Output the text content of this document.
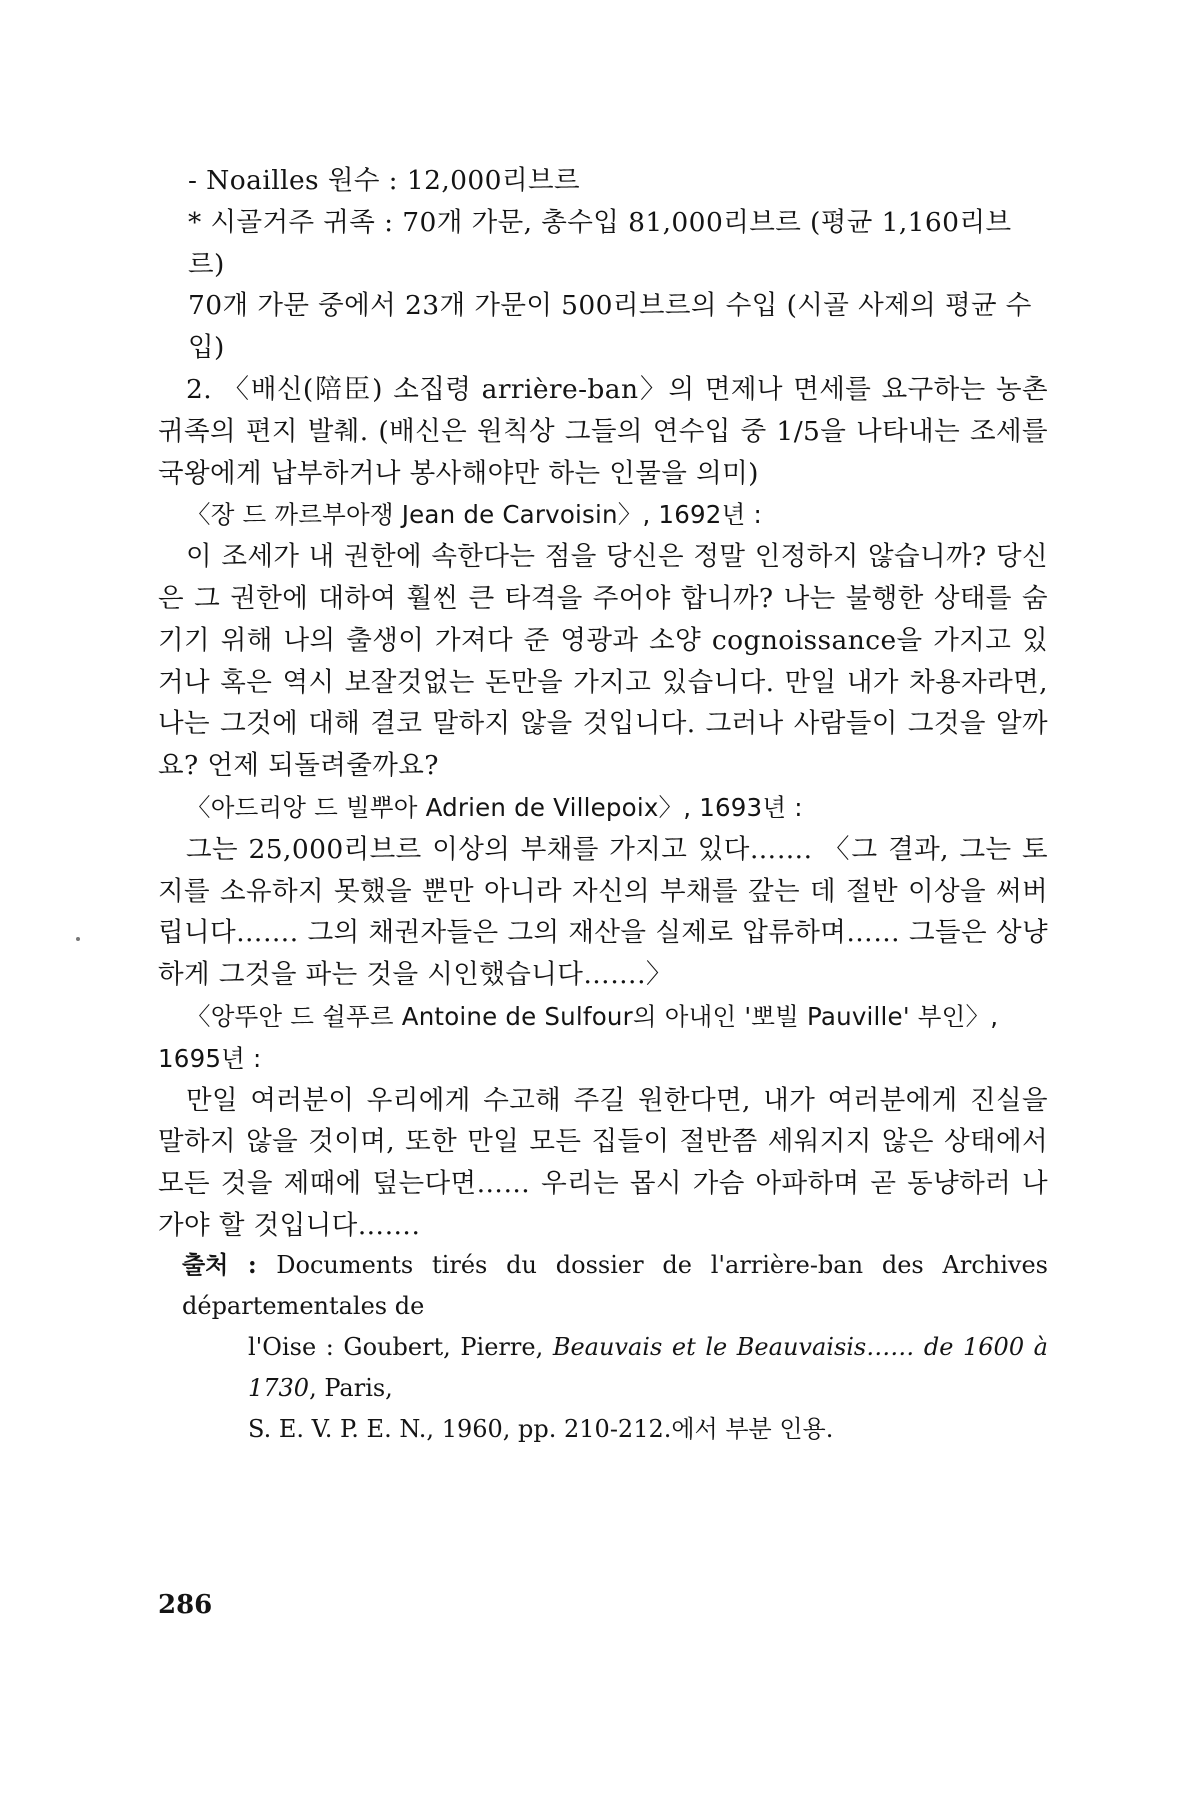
- Noailles 원수 : 12,000리브르

* 시골거주 귀족 : 70개 가문, 총수입 81,000리브르 (평균 1,160리브르)

70개 가문 중에서 23개 가문이 500리브르의 수입 (시골 사제의 평균 수입)

2. 〈배신(陪臣) 소집령 arrière-ban〉의 면제나 면세를 요구하는 농촌 귀족의 편지 발췌. (배신은 원칙상 그들의 연수입 중 1/5을 나타내는 조세를 국왕에게 납부하거나 봉사해야만 하는 인물을 의미)

〈장 드 까르부아쟁 Jean de Carvoisin〉, 1692년 :

이 조세가 내 권한에 속한다는 점을 당신은 정말 인정하지 않습니까? 당신은 그 권한에 대하여 훨씬 큰 타격을 주어야 합니까? 나는 불행한 상태를 숨기기 위해 나의 출생이 가져다 준 영광과 소양 cognoissance을 가지고 있거나 혹은 역시 보잘것없는 돈만을 가지고 있습니다. 만일 내가 차용자라면, 나는 그것에 대해 결코 말하지 않을 것입니다. 그러나 사람들이 그것을 알까요? 언제 되돌려줄까요?

〈아드리앙 드 빌뿌아 Adrien de Villepoix〉, 1693년 :

그는 25,000리브르 이상의 부채를 가지고 있다……. 〈그 결과, 그는 토지를 소유하지 못했을 뿐만 아니라 자신의 부채를 갚는 데 절반 이상을 써버립니다……. 그의 채권자들은 그의 재산을 실제로 압류하며…… 그들은 상냥하게 그것을 파는 것을 시인했습니다…….〉

〈앙뚜안 드 쉴푸르 Antoine de Sulfour의 아내인 '뽀빌 Pauville' 부인〉, 1695년 :

만일 여러분이 우리에게 수고해 주길 원한다면, 내가 여러분에게 진실을 말하지 않을 것이며, 또한 만일 모든 집들이 절반쯤 세워지지 않은 상태에서 모든 것을 제때에 덮는다면…… 우리는 몹시 가슴 아파하며 곧 동냥하러 나가야 할 것입니다…….

출처 : Documents tirés du dossier de l'arrière-ban des Archives départementales de
l'Oise : Goubert, Pierre, Beauvais et le Beauvaisis…… de 1600 à 1730, Paris,
S. E. V. P. E. N., 1960, pp. 210-212.에서 부분 인용.
286
